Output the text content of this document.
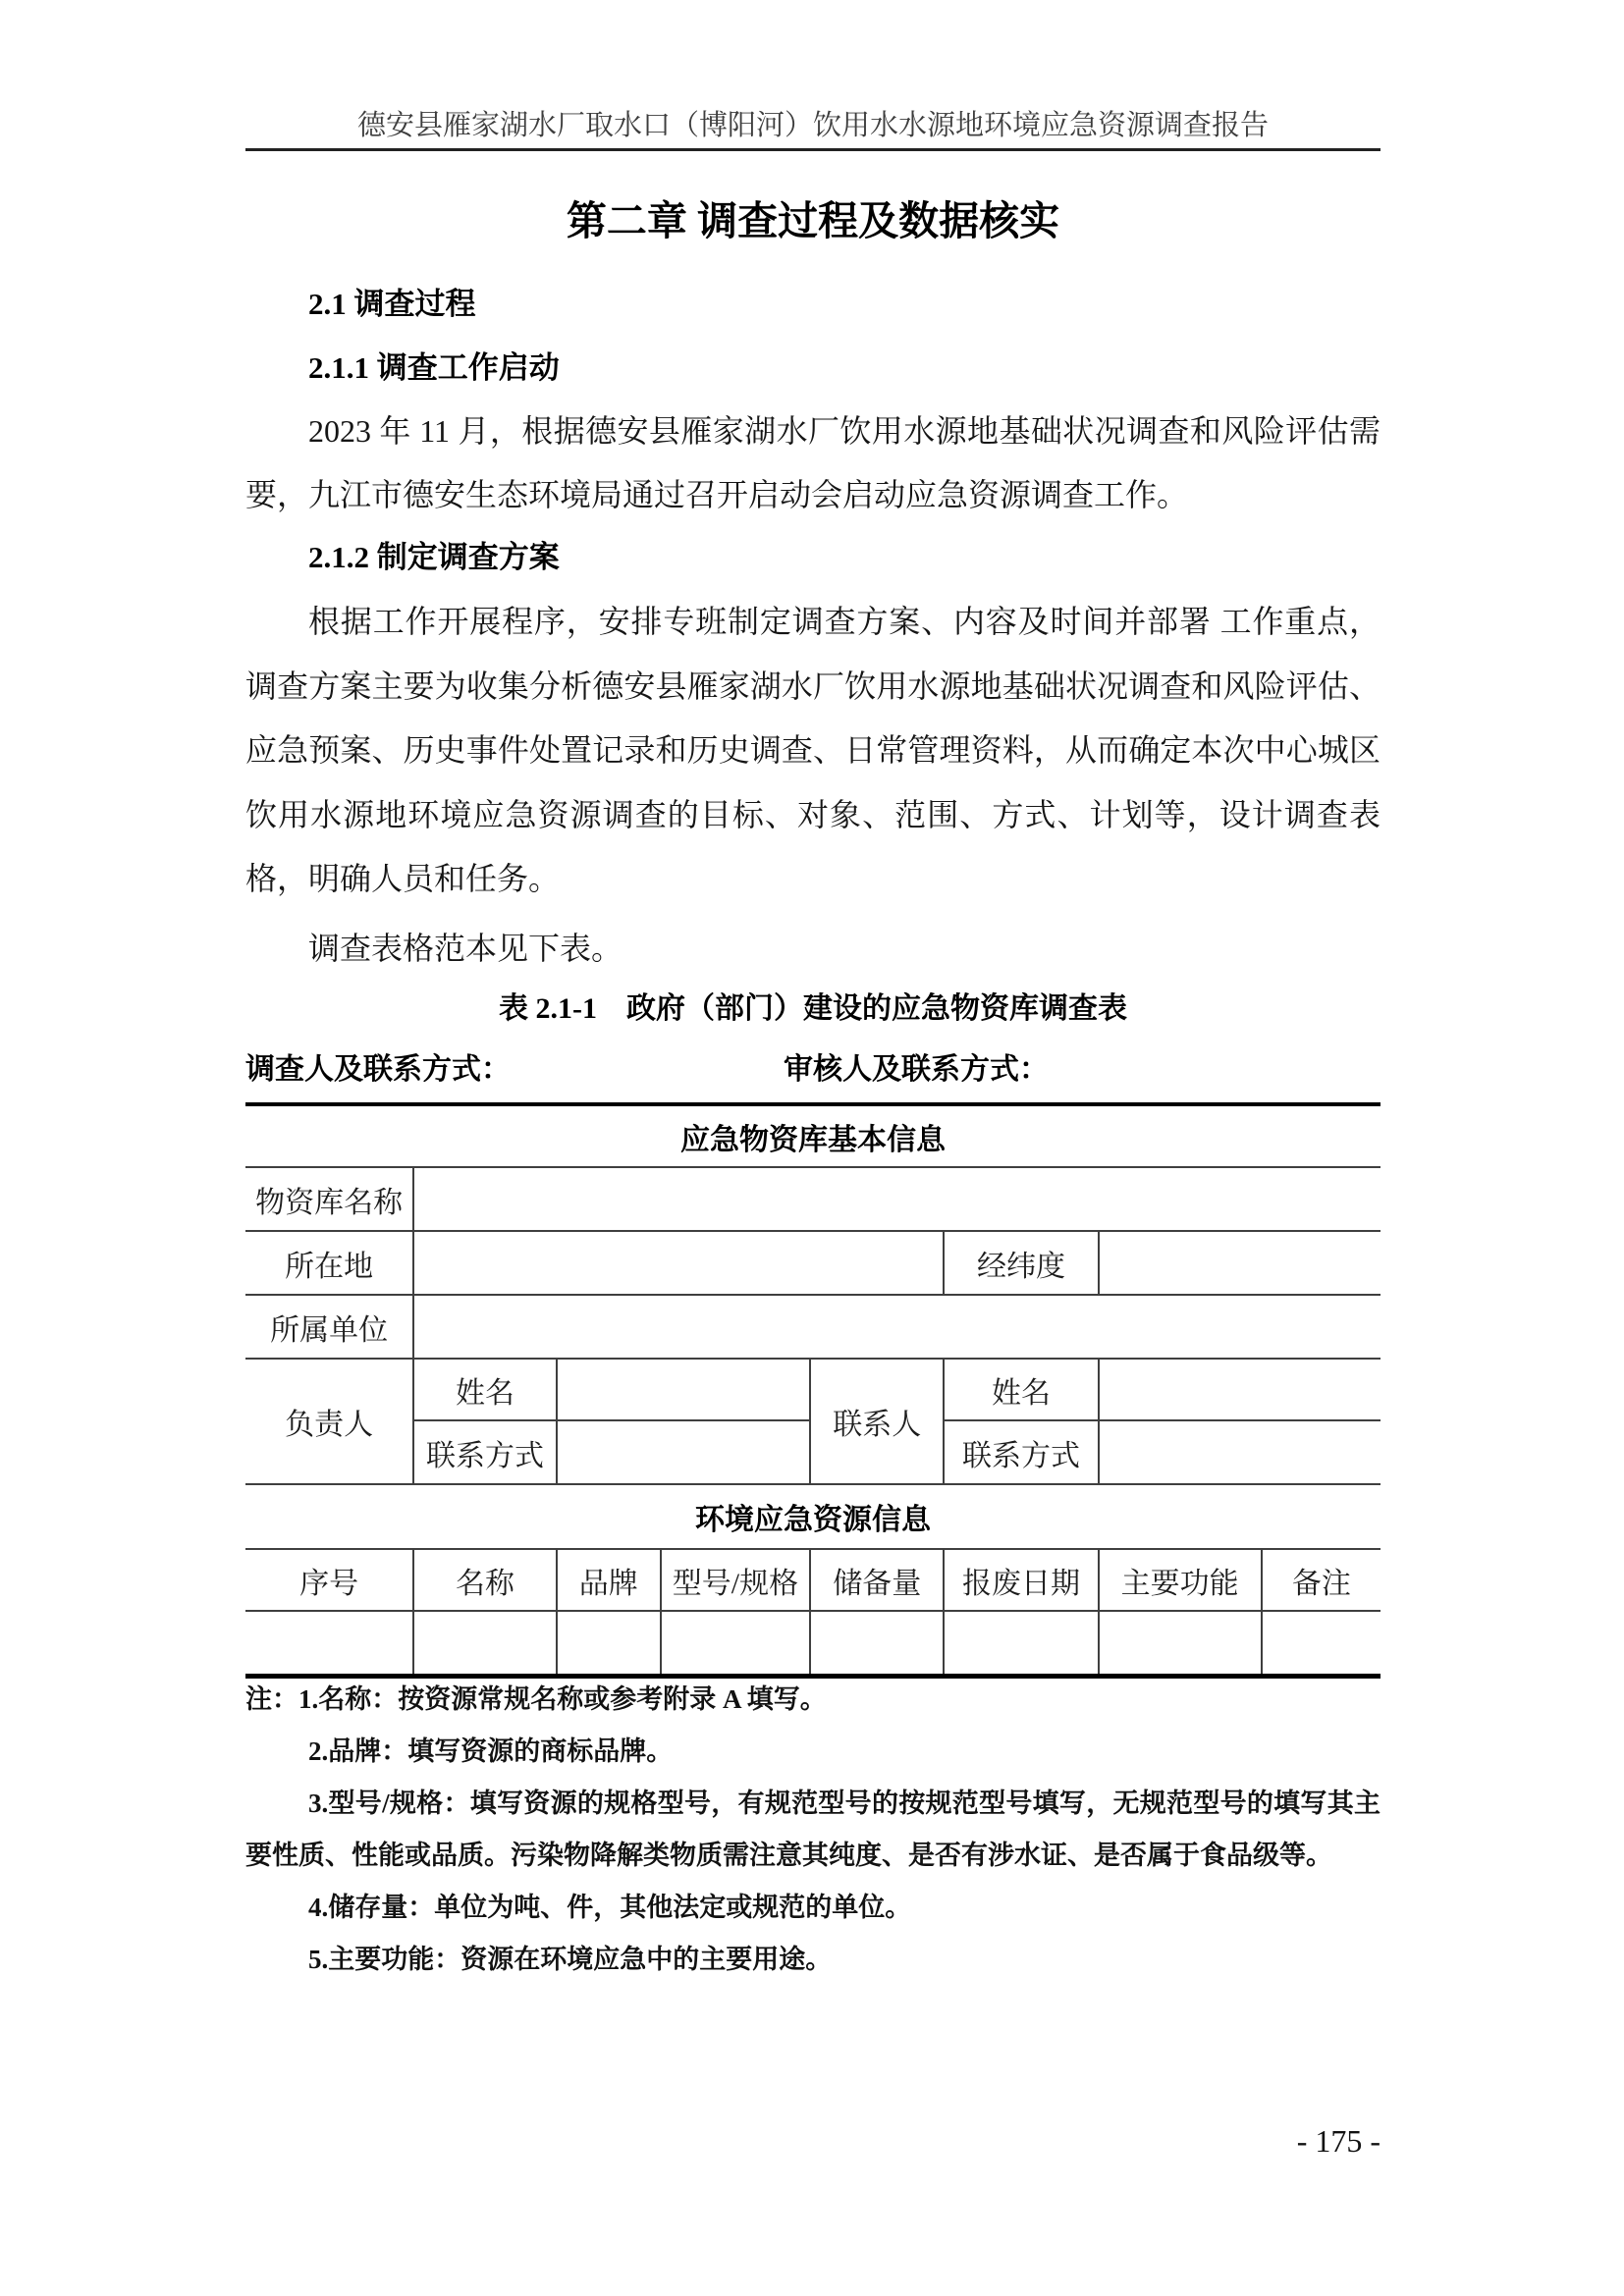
德安县雁家湖水厂取水口（博阳河）饮用水水源地环境应急资源调查报告
第二章 调查过程及数据核实
2.1 调查过程
2.1.1 调查工作启动
2023 年 11 月，根据德安县雁家湖水厂饮用水源地基础状况调查和风险评估需要，九江市德安生态环境局通过召开启动会启动应急资源调查工作。
2.1.2 制定调查方案
根据工作开展程序，安排专班制定调查方案、内容及时间并部署 工作重点，调查方案主要为收集分析德安县雁家湖水厂饮用水源地基础状况调查和风险评估、应急预案、历史事件处置记录和历史调查、日常管理资料，从而确定本次中心城区饮用水源地环境应急资源调查的目标、对象、范围、方式、计划等，设计调查表格，明确人员和任务。
调查表格范本见下表。
表 2.1-1　政府（部门）建设的应急物资库调查表
调查人及联系方式：	审核人及联系方式：
应急物资库基本信息							
物资库名称							
所在地					经纬度		
所属单位							
负责人	姓名			联系人	姓名		
	联系方式				联系方式		
环境应急资源信息							
序号	名称	品牌	型号/规格	储备量	报废日期	主要功能	备注

注：1.名称：按资源常规名称或参考附录 A 填写。
2.品牌：填写资源的商标品牌。
3.型号/规格：填写资源的规格型号，有规范型号的按规范型号填写，无规范型号的填写其主要性质、性能或品质。污染物降解类物质需注意其纯度、是否有涉水证、是否属于食品级等。
4.储存量：单位为吨、件，其他法定或规范的单位。
5.主要功能：资源在环境应急中的主要用途。
- 175 -
